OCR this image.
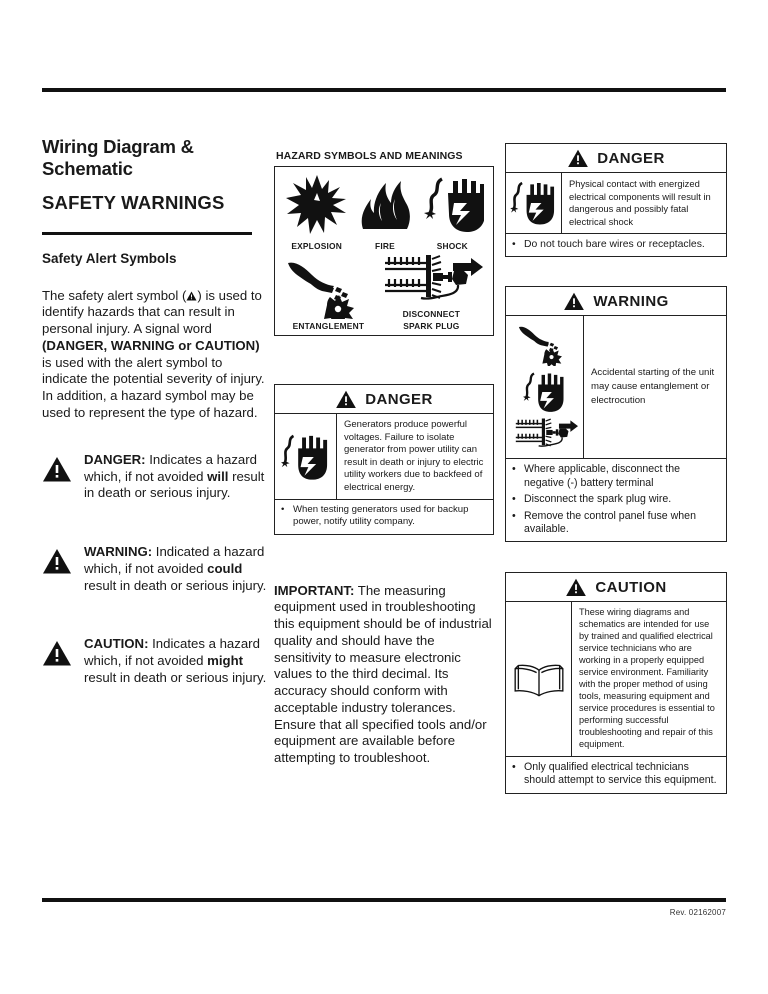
Wiring Diagram &
Schematic
SAFETY WARNINGS
Safety Alert Symbols

The safety alert symbol ( ) is used to identify hazards that can result in personal injury. A signal word (DANGER, WARNING or CAUTION) is used with the alert symbol to indicate the potential severity of injury. In addition, a hazard symbol may be used to represent the type of hazard.

DANGER: Indicates a hazard which, if not avoided will result in death or serious injury.
WARNING: Indicated a hazard which, if not avoided could result in death or serious injury.
CAUTION: Indicates a hazard which, if not avoided might result in death or serious injury.
HAZARD SYMBOLS AND MEANINGS
EXPLOSION	FIRE	SHOCK
ENTANGLEMENT
DISCONNECT
SPARK PLUG
DANGER
Generators produce powerful voltages. Failure to isolate generator from power utility can result in death or injury to electric utility workers due to backfeed of electrical energy.
• When testing generators used for backup power, notify utility company.

IMPORTANT: The measuring equipment used in troubleshooting this equipment should be of industrial quality and should have the sensitivity to measure electronic values to the third decimal. Its accuracy should conform with acceptable industry tolerances. Ensure that all specified tools and/or equipment are available before attempting to troubleshoot.

DANGER
Physical contact with energized electrical components will result in dangerous and possibly fatal electrical shock
• Do not touch bare wires or receptacles.
WARNING
Accidental starting of the unit may cause entanglement or electrocution
• Where applicable, disconnect the negative (-) battery terminal
• Disconnect the spark plug wire.
• Remove the control panel fuse when available.
CAUTION
These wiring diagrams and schematics are intended for use by trained and qualified electrical service technicians who are working in a properly equipped service environment. Familiarity with the proper method of using tools, measuring equipment and service procedures is essential to performing successful troubleshooting and repair of this equipment.
• Only qualified electrical technicians should attempt to service this equipment.
Rev. 02162007
